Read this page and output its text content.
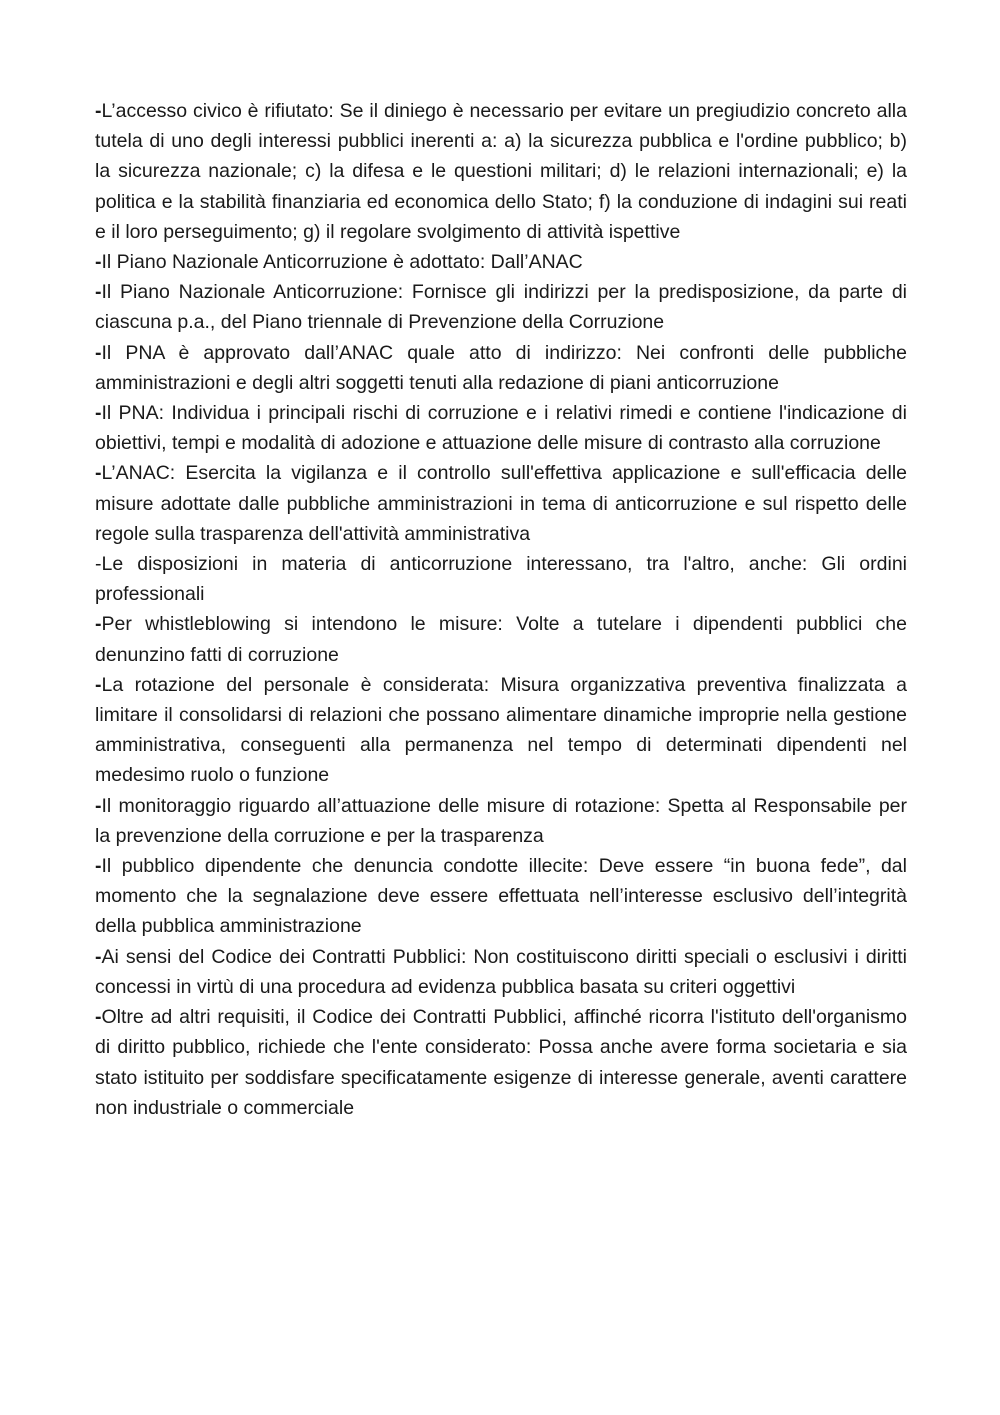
-L’accesso civico è rifiutato: Se il diniego è necessario per evitare un pregiudizio concreto alla tutela di uno degli interessi pubblici inerenti a: a) la sicurezza pubblica e l'ordine pubblico; b) la sicurezza nazionale; c) la difesa e le questioni militari; d) le relazioni internazionali; e) la politica e la stabilità finanziaria ed economica dello Stato; f) la conduzione di indagini sui reati e il loro perseguimento; g) il regolare svolgimento di attività ispettive

-Il Piano Nazionale Anticorruzione è adottato: Dall’ANAC

-Il Piano Nazionale Anticorruzione: Fornisce gli indirizzi per la predisposizione, da parte di ciascuna p.a., del Piano triennale di Prevenzione della Corruzione

-Il PNA è approvato dall’ANAC quale atto di indirizzo: Nei confronti delle pubbliche amministrazioni e degli altri soggetti tenuti alla redazione di piani anticorruzione

-Il PNA: Individua i principali rischi di corruzione e i relativi rimedi e contiene l'indicazione di obiettivi, tempi e modalità di adozione e attuazione delle misure di contrasto alla corruzione

-L’ANAC: Esercita la vigilanza e il controllo sull'effettiva applicazione e sull'efficacia delle misure adottate dalle pubbliche amministrazioni in tema di anticorruzione e sul rispetto delle regole sulla trasparenza dell'attività amministrativa

-Le disposizioni in materia di anticorruzione interessano, tra l'altro, anche: Gli ordini professionali

-Per whistleblowing si intendono le misure: Volte a tutelare i dipendenti pubblici che denunzino fatti di corruzione

-La rotazione del personale è considerata: Misura organizzativa preventiva finalizzata a limitare il consolidarsi di relazioni che possano alimentare dinamiche improprie nella gestione amministrativa, conseguenti alla permanenza nel tempo di determinati dipendenti nel medesimo ruolo o funzione

-Il monitoraggio riguardo all’attuazione delle misure di rotazione: Spetta al Responsabile per la prevenzione della corruzione e per la trasparenza

-Il pubblico dipendente che denuncia condotte illecite: Deve essere “in buona fede”, dal momento che la segnalazione deve essere effettuata nell’interesse esclusivo dell’integrità della pubblica amministrazione

-Ai sensi del Codice dei Contratti Pubblici: Non costituiscono diritti speciali o esclusivi i diritti concessi in virtù di una procedura ad evidenza pubblica basata su criteri oggettivi

-Oltre ad altri requisiti, il Codice dei Contratti Pubblici, affinché ricorra l'istituto dell'organismo di diritto pubblico, richiede che l'ente considerato: Possa anche avere forma societaria e sia stato istituito per soddisfare specificatamente esigenze di interesse generale, aventi carattere non industriale o commerciale
